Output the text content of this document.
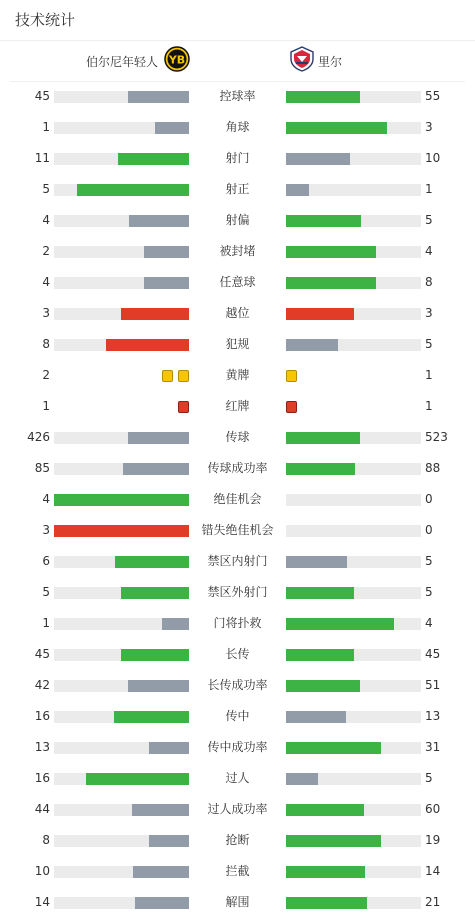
技术统计
伯尔尼年轻人 YB	里尔
45	控球率	55
1	角球	3
11	射门	10
5	射正	1
4	射偏	5
2	被封堵	4
4	任意球	8
3	越位	3
8	犯规	5
2	黄牌	1
1	红牌	1
426	传球	523
85	传球成功率	88
4	绝佳机会	0
3	错失绝佳机会	0
6	禁区内射门	5
5	禁区外射门	5
1	门将扑救	4
45	长传	45
42	长传成功率	51
16	传中	13
13	传中成功率	31
16	过人	5
44	过人成功率	60
8	抢断	19
10	拦截	14
14	解围	21
